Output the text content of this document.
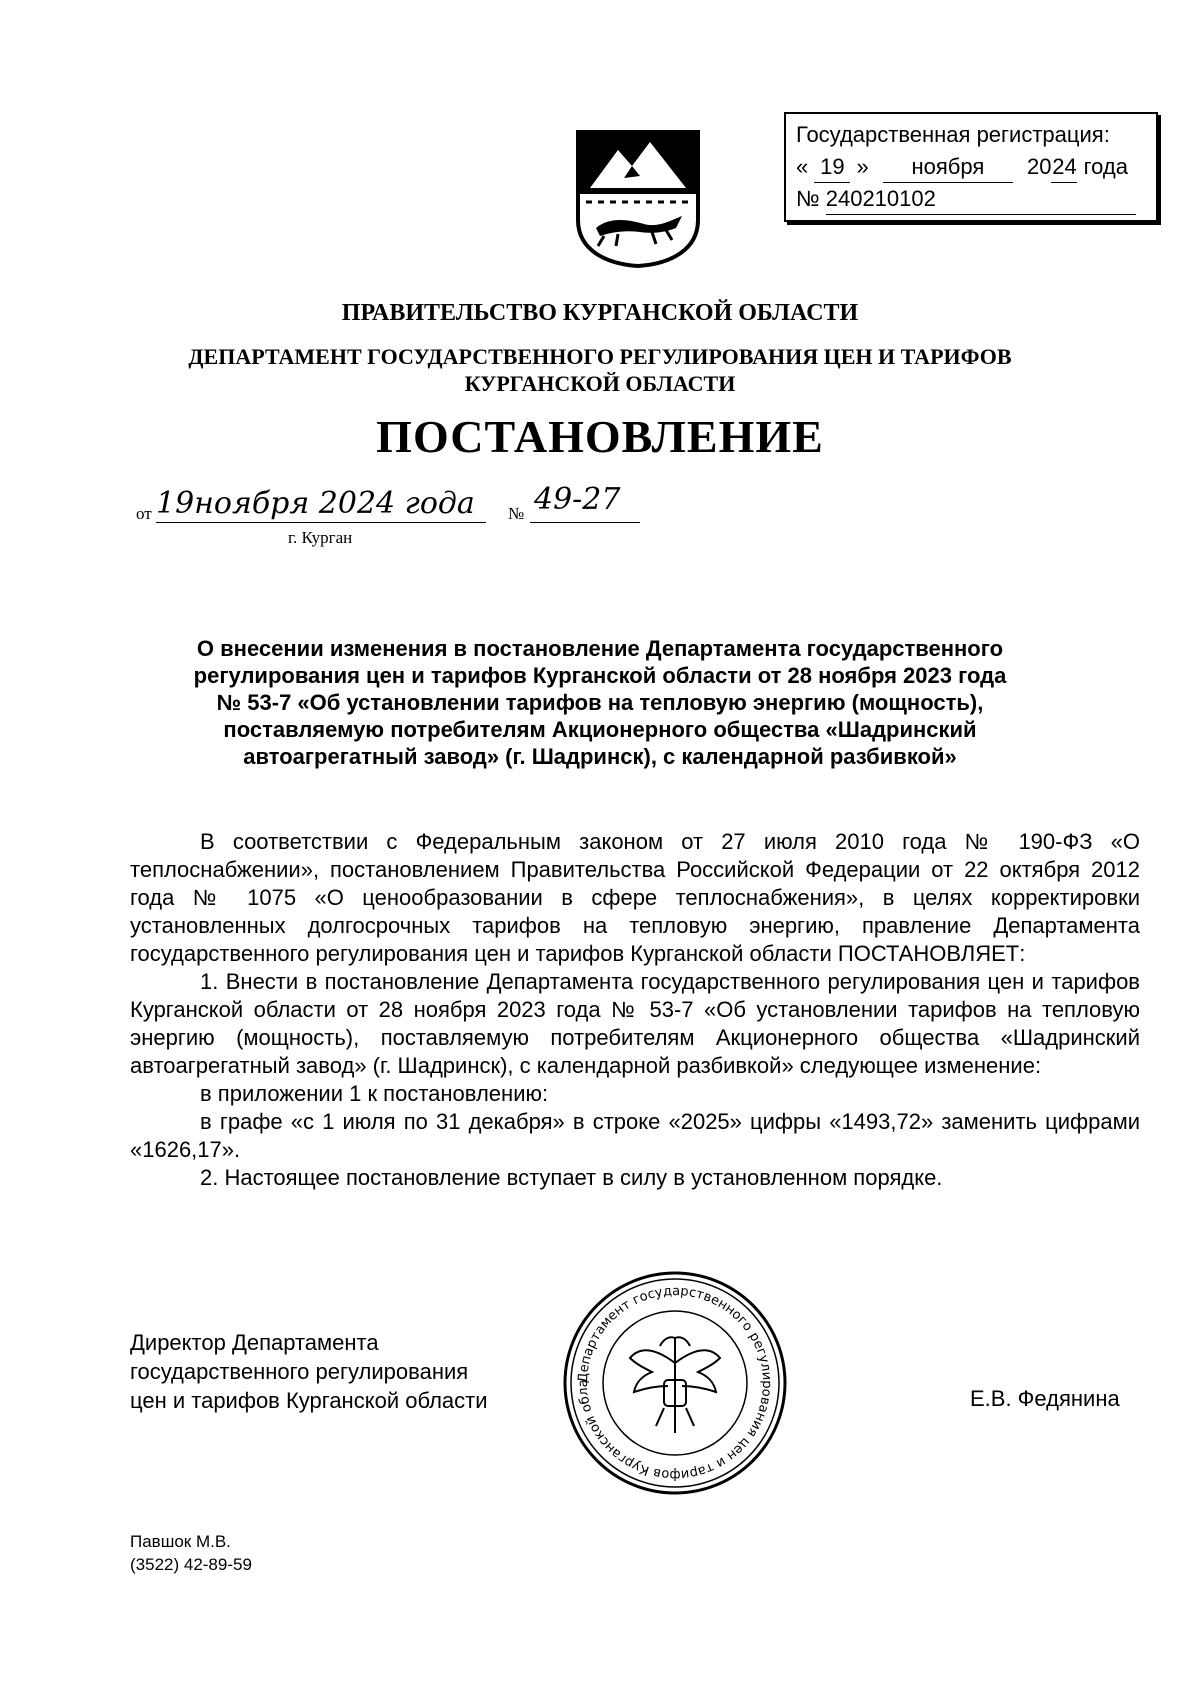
Государственная регистрация:
« 19 » ноября 2024 года
№ 240210102
ПРАВИТЕЛЬСТВО КУРГАНСКОЙ ОБЛАСТИ
ДЕПАРТАМЕНТ ГОСУДАРСТВЕННОГО РЕГУЛИРОВАНИЯ ЦЕН И ТАРИФОВ
КУРГАНСКОЙ ОБЛАСТИ
ПОСТАНОВЛЕНИЕ
от 19ноября 2024 года № 49-27
г. Курган
О внесении изменения в постановление Департамента государственного
регулирования цен и тарифов Курганской области от 28 ноября 2023 года
№ 53-7 «Об установлении тарифов на тепловую энергию (мощность),
поставляемую потребителям Акционерного общества «Шадринский
автоагрегатный завод» (г. Шадринск), с календарной разбивкой»

В соответствии с Федеральным законом от 27 июля 2010 года № 190-ФЗ «О теплоснабжении», постановлением Правительства Российской Федерации от 22 октября 2012 года № 1075 «О ценообразовании в сфере теплоснабжения», в целях корректировки установленных долгосрочных тарифов на тепловую энергию, правление Департамента государственного регулирования цен и тарифов Курганской области ПОСТАНОВЛЯЕТ:

1. Внести в постановление Департамента государственного регулирования цен и тарифов Курганской области от 28 ноября 2023 года № 53-7 «Об установлении тарифов на тепловую энергию (мощность), поставляемую потребителям Акционерного общества «Шадринский автоагрегатный завод» (г. Шадринск), с календарной разбивкой» следующее изменение:

в приложении 1 к постановлению:

в графе «с 1 июля по 31 декабря» в строке «2025» цифры «1493,72» заменить цифрами «1626,17».

2. Настоящее постановление вступает в силу в установленном порядке.

Директор Департамента
государственного регулирования
цен и тарифов Курганской области
Департамент государственного регулирования цен и тарифов Курганской обла
Е.В. Федянина
Павшок М.В.
(3522) 42-89-59
